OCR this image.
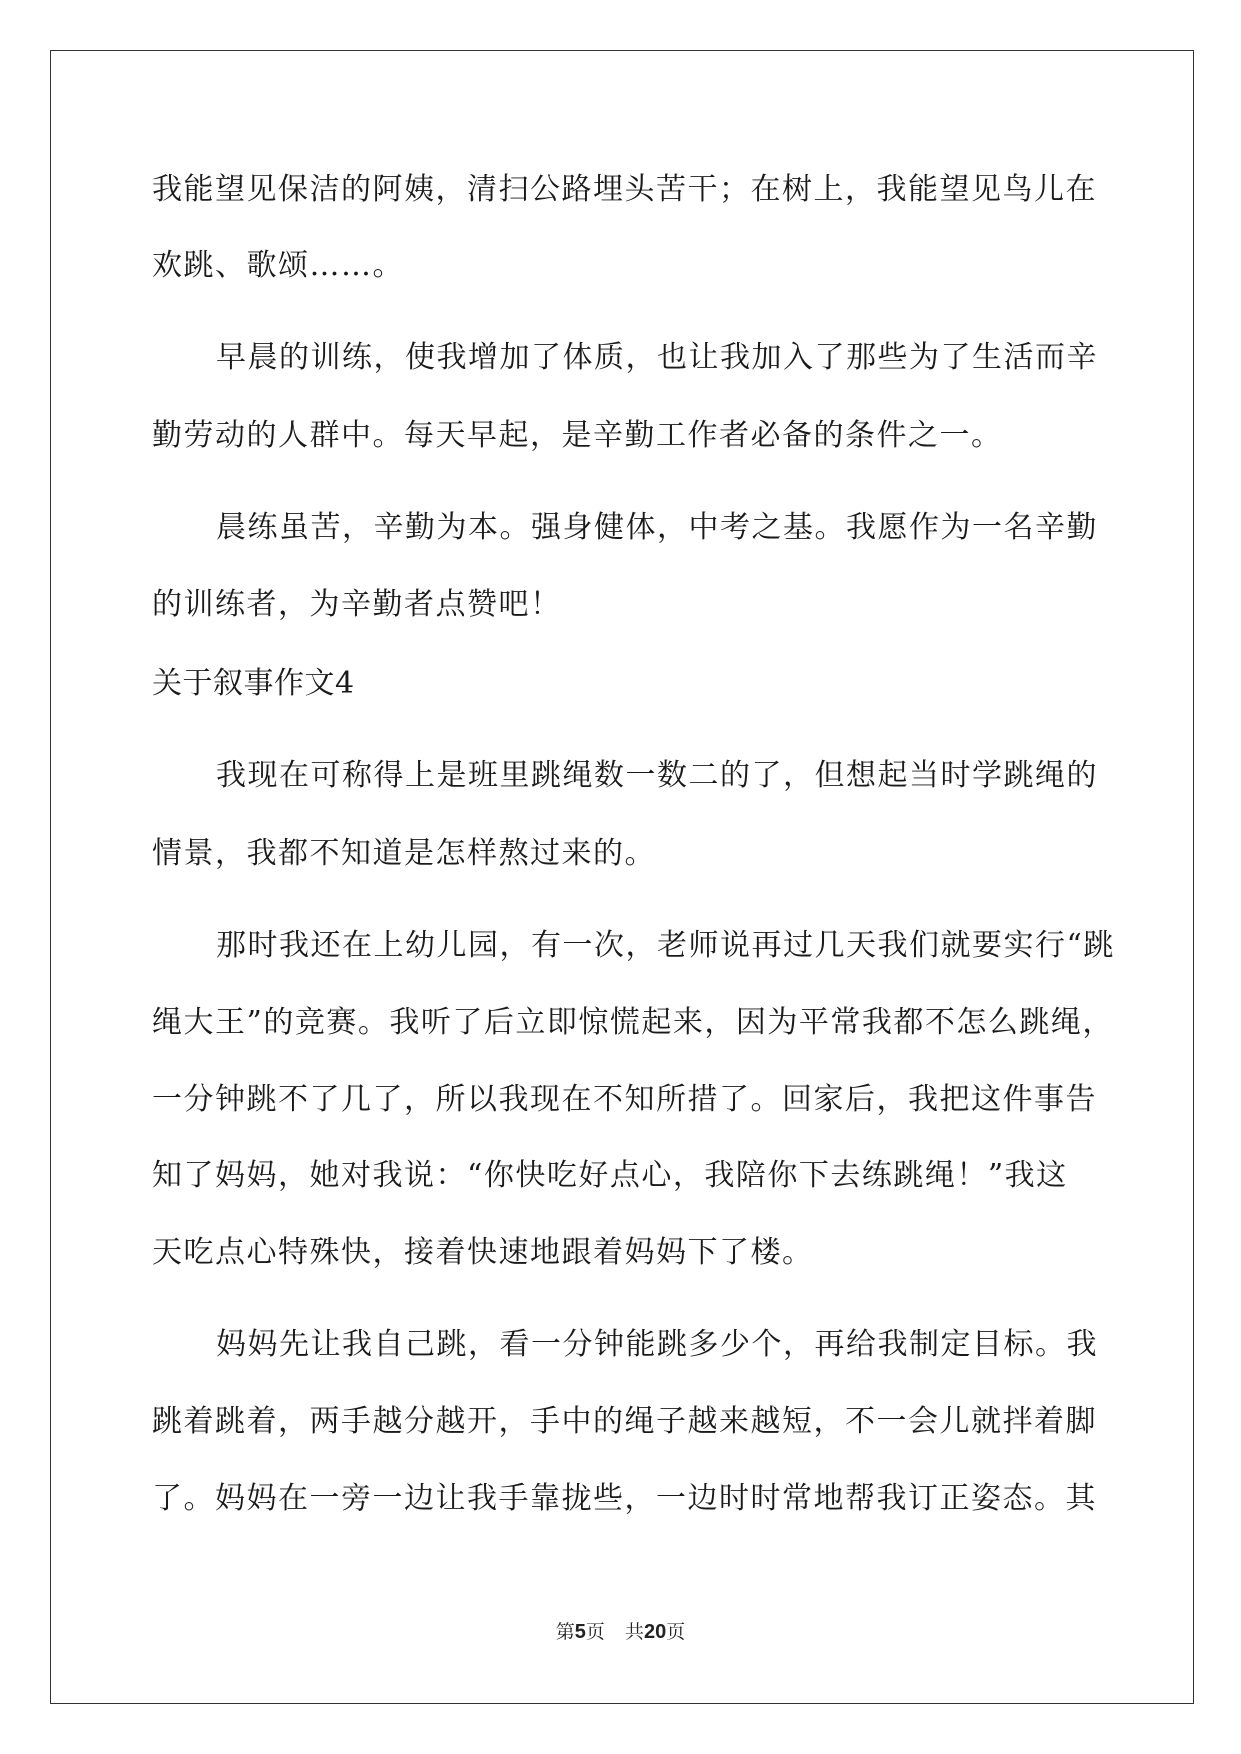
我能望见保洁的阿姨，清扫公路埋头苦干；在树上，我能望见鸟儿在
欢跳、歌颂……。
早晨的训练，使我增加了体质，也让我加入了那些为了生活而辛
勤劳动的人群中。每天早起，是辛勤工作者必备的条件之一。
晨练虽苦，辛勤为本。强身健体，中考之基。我愿作为一名辛勤
的训练者，为辛勤者点赞吧！
关于叙事作文4
我现在可称得上是班里跳绳数一数二的了，但想起当时学跳绳的
情景，我都不知道是怎样熬过来的。
那时我还在上幼儿园，有一次，老师说再过几天我们就要实行“跳
绳大王”的竞赛。我听了后立即惊慌起来，因为平常我都不怎么跳绳，
一分钟跳不了几了，所以我现在不知所措了。回家后，我把这件事告
知了妈妈，她对我说：“你快吃好点心，我陪你下去练跳绳！”我这
天吃点心特殊快，接着快速地跟着妈妈下了楼。
妈妈先让我自己跳，看一分钟能跳多少个，再给我制定目标。我
跳着跳着，两手越分越开，手中的绳子越来越短，不一会儿就拌着脚
了。妈妈在一旁一边让我手靠拢些，一边时时常地帮我订正姿态。其
第5页 共20页
